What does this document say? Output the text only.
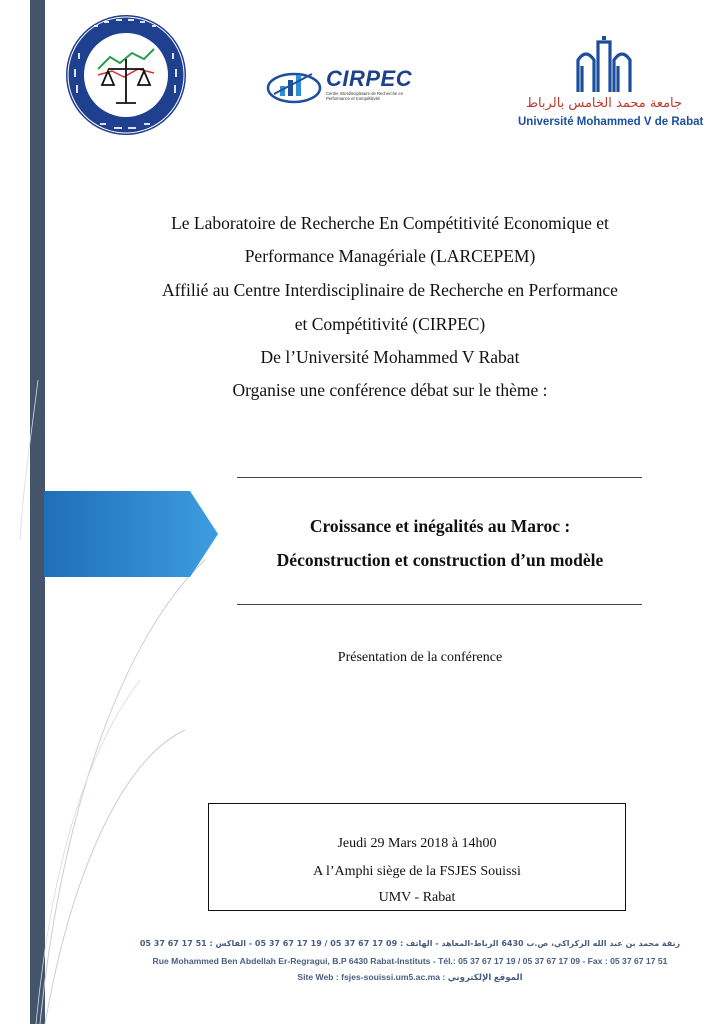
CIRPEC
Centre Interdisciplinaire de Recherche en Performance et Compétitivité	جامعة محمد الخامس بالرباط
Université Mohammed V de Rabat
Le Laboratoire de Recherche En Compétitivité Economique et
Performance Managériale (LARCEPEM)
Affilié au Centre Interdisciplinaire de Recherche en Performance
et Compétitivité (CIRPEC)
De l’Université Mohammed V Rabat
Organise une conférence débat sur le thème :
Croissance et inégalités au Maroc :
Déconstruction et construction d’un modèle
Présentation de la conférence
Jeudi 29 Mars 2018 à 14h00
A l’Amphi siège de la FSJES Souissi
UMV - Rabat
زنقة محمد بن عبد الله الركراكي، ص.ب 6430 الرباط-المعاهد - الهاتف : 09 17 67 37 05 / 19 17 67 37 05 - الفاكس : 51 17 67 37 05
Rue Mohammed Ben Abdellah Er-Regragui, B.P 6430 Rabat-Instituts - Tél.: 05 37 67 17 19 / 05 37 67 17 09 - Fax : 05 37 67 17 51
Site Web : fsjes-souissi.um5.ac.ma : الموقع الإلكتروني
